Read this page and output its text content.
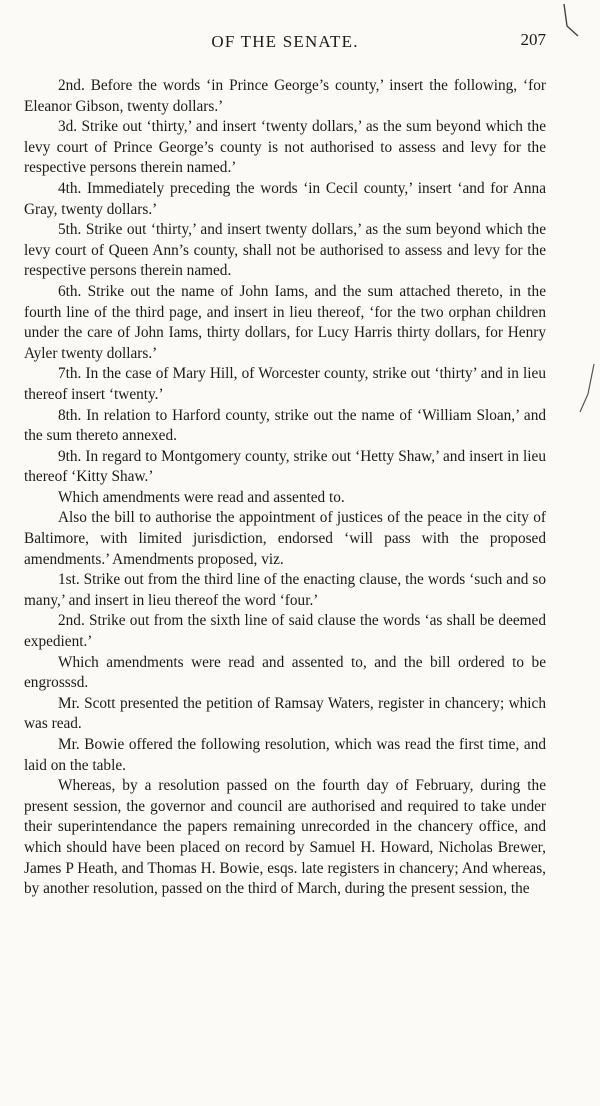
OF THE SENATE.	207

2nd. Before the words ‘in Prince George’s county,’ insert the following, ‘for Eleanor Gibson, twenty dollars.’

3d. Strike out ‘thirty,’ and insert ‘twenty dollars,’ as the sum beyond which the levy court of Prince George’s county is not authorised to assess and levy for the respective persons therein named.’

4th. Immediately preceding the words ‘in Cecil county,’ insert ‘and for Anna Gray, twenty dollars.’

5th. Strike out ‘thirty,’ and insert twenty dollars,’ as the sum beyond which the levy court of Queen Ann’s county, shall not be authorised to assess and levy for the respective persons therein named.

6th. Strike out the name of John Iams, and the sum attached thereto, in the fourth line of the third page, and insert in lieu thereof, ‘for the two orphan children under the care of John Iams, thirty dollars, for Lucy Harris thirty dollars, for Henry Ayler twenty dollars.’

7th. In the case of Mary Hill, of Worcester county, strike out ‘thirty’ and in lieu thereof insert ‘twenty.’

8th. In relation to Harford county, strike out the name of ‘William Sloan,’ and the sum thereto annexed.

9th. In regard to Montgomery county, strike out ‘Hetty Shaw,’ and insert in lieu thereof ‘Kitty Shaw.’

Which amendments were read and assented to.

Also the bill to authorise the appointment of justices of the peace in the city of Baltimore, with limited jurisdiction, endorsed ‘will pass with the proposed amendments.’ Amendments proposed, viz.

1st. Strike out from the third line of the enacting clause, the words ‘such and so many,’ and insert in lieu thereof the word ‘four.’

2nd. Strike out from the sixth line of said clause the words ‘as shall be deemed expedient.’

Which amendments were read and assented to, and the bill ordered to be engrosssd.

Mr. Scott presented the petition of Ramsay Waters, register in chancery; which was read.

Mr. Bowie offered the following resolution, which was read the first time, and laid on the table.

Whereas, by a resolution passed on the fourth day of February, during the present session, the governor and council are authorised and required to take under their superintendance the papers remaining unrecorded in the chancery office, and which should have been placed on record by Samuel H. Howard, Nicholas Brewer, James P Heath, and Thomas H. Bowie, esqs. late registers in chancery; And whereas, by another resolution, passed on the third of March, during the present session, the
